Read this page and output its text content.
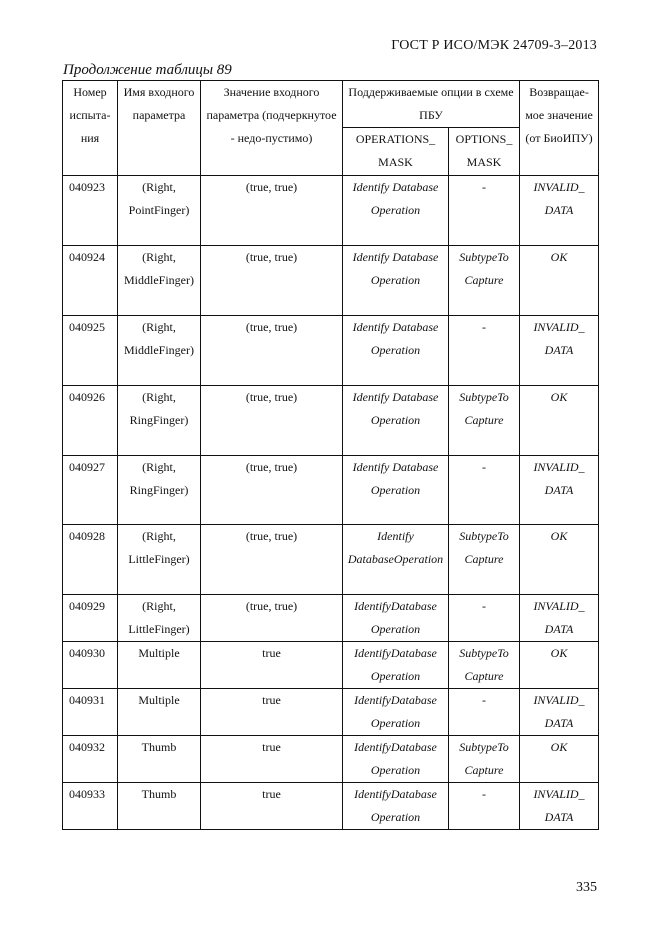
ГОСТ Р ИСО/МЭК 24709-3–2013
Продолжение таблицы 89
Номер испыта-ния	Имя входного параметра	Значение входного параметра (подчеркнутое - недо-пустимо)	Поддерживаемые опции в схеме ПБУ		Возвращае-мое значение (от БиоИПУ)
			OPERATIONS_ MASK	OPTIONS_ MASK	
040923	(Right, PointFinger)	(true, true)	Identify Database Operation	-	INVALID_ DATA
040924	(Right, MiddleFinger)	(true, true)	Identify Database Operation	SubtypeTo Capture	OK
040925	(Right, MiddleFinger)	(true, true)	Identify Database Operation	-	INVALID_ DATA
040926	(Right, RingFinger)	(true, true)	Identify Database Operation	SubtypeTo Capture	OK
040927	(Right, RingFinger)	(true, true)	Identify Database Operation	-	INVALID_ DATA
040928	(Right, LittleFinger)	(true, true)	Identify DatabaseOperation	SubtypeTo Capture	OK
040929	(Right, LittleFinger)	(true, true)	IdentifyDatabase Operation	-	INVALID_ DATA
040930	Multiple	true	IdentifyDatabase Operation	SubtypeTo Capture	OK
040931	Multiple	true	IdentifyDatabase Operation	-	INVALID_ DATA
040932	Thumb	true	IdentifyDatabase Operation	SubtypeTo Capture	OK
040933	Thumb	true	IdentifyDatabase Operation	-	INVALID_ DATA
335
